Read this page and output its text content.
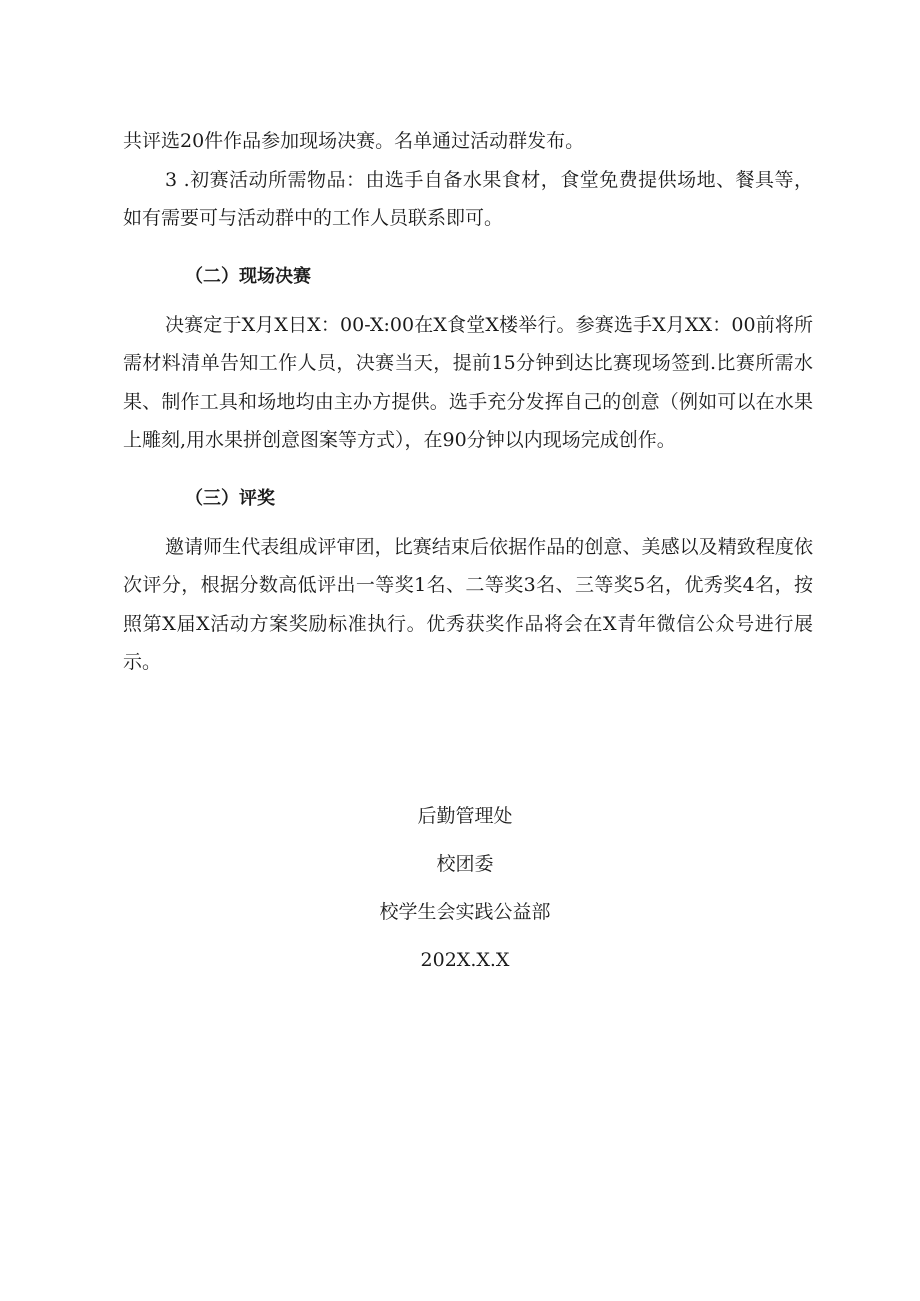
共评选20件作品参加现场决赛。名单通过活动群发布。

3 .初赛活动所需物品：由选手自备水果食材，食堂免费提供场地、餐具等，如有需要可与活动群中的工作人员联系即可。

（二）现场决赛

决赛定于X月X日X：00-X:00在X食堂X楼举行。参赛选手X月XX：00前将所需材料清单告知工作人员，决赛当天，提前15分钟到达比赛现场签到.比赛所需水果、制作工具和场地均由主办方提供。选手充分发挥自己的创意（例如可以在水果上雕刻,用水果拼创意图案等方式），在90分钟以内现场完成创作。

（三）评奖

邀请师生代表组成评审团，比赛结束后依据作品的创意、美感以及精致程度依次评分，根据分数高低评出一等奖1名、二等奖3名、三等奖5名，优秀奖4名，按照第X届X活动方案奖励标准执行。优秀获奖作品将会在X青年微信公众号进行展示。

后勤管理处
校团委
校学生会实践公益部
202X.X.X
